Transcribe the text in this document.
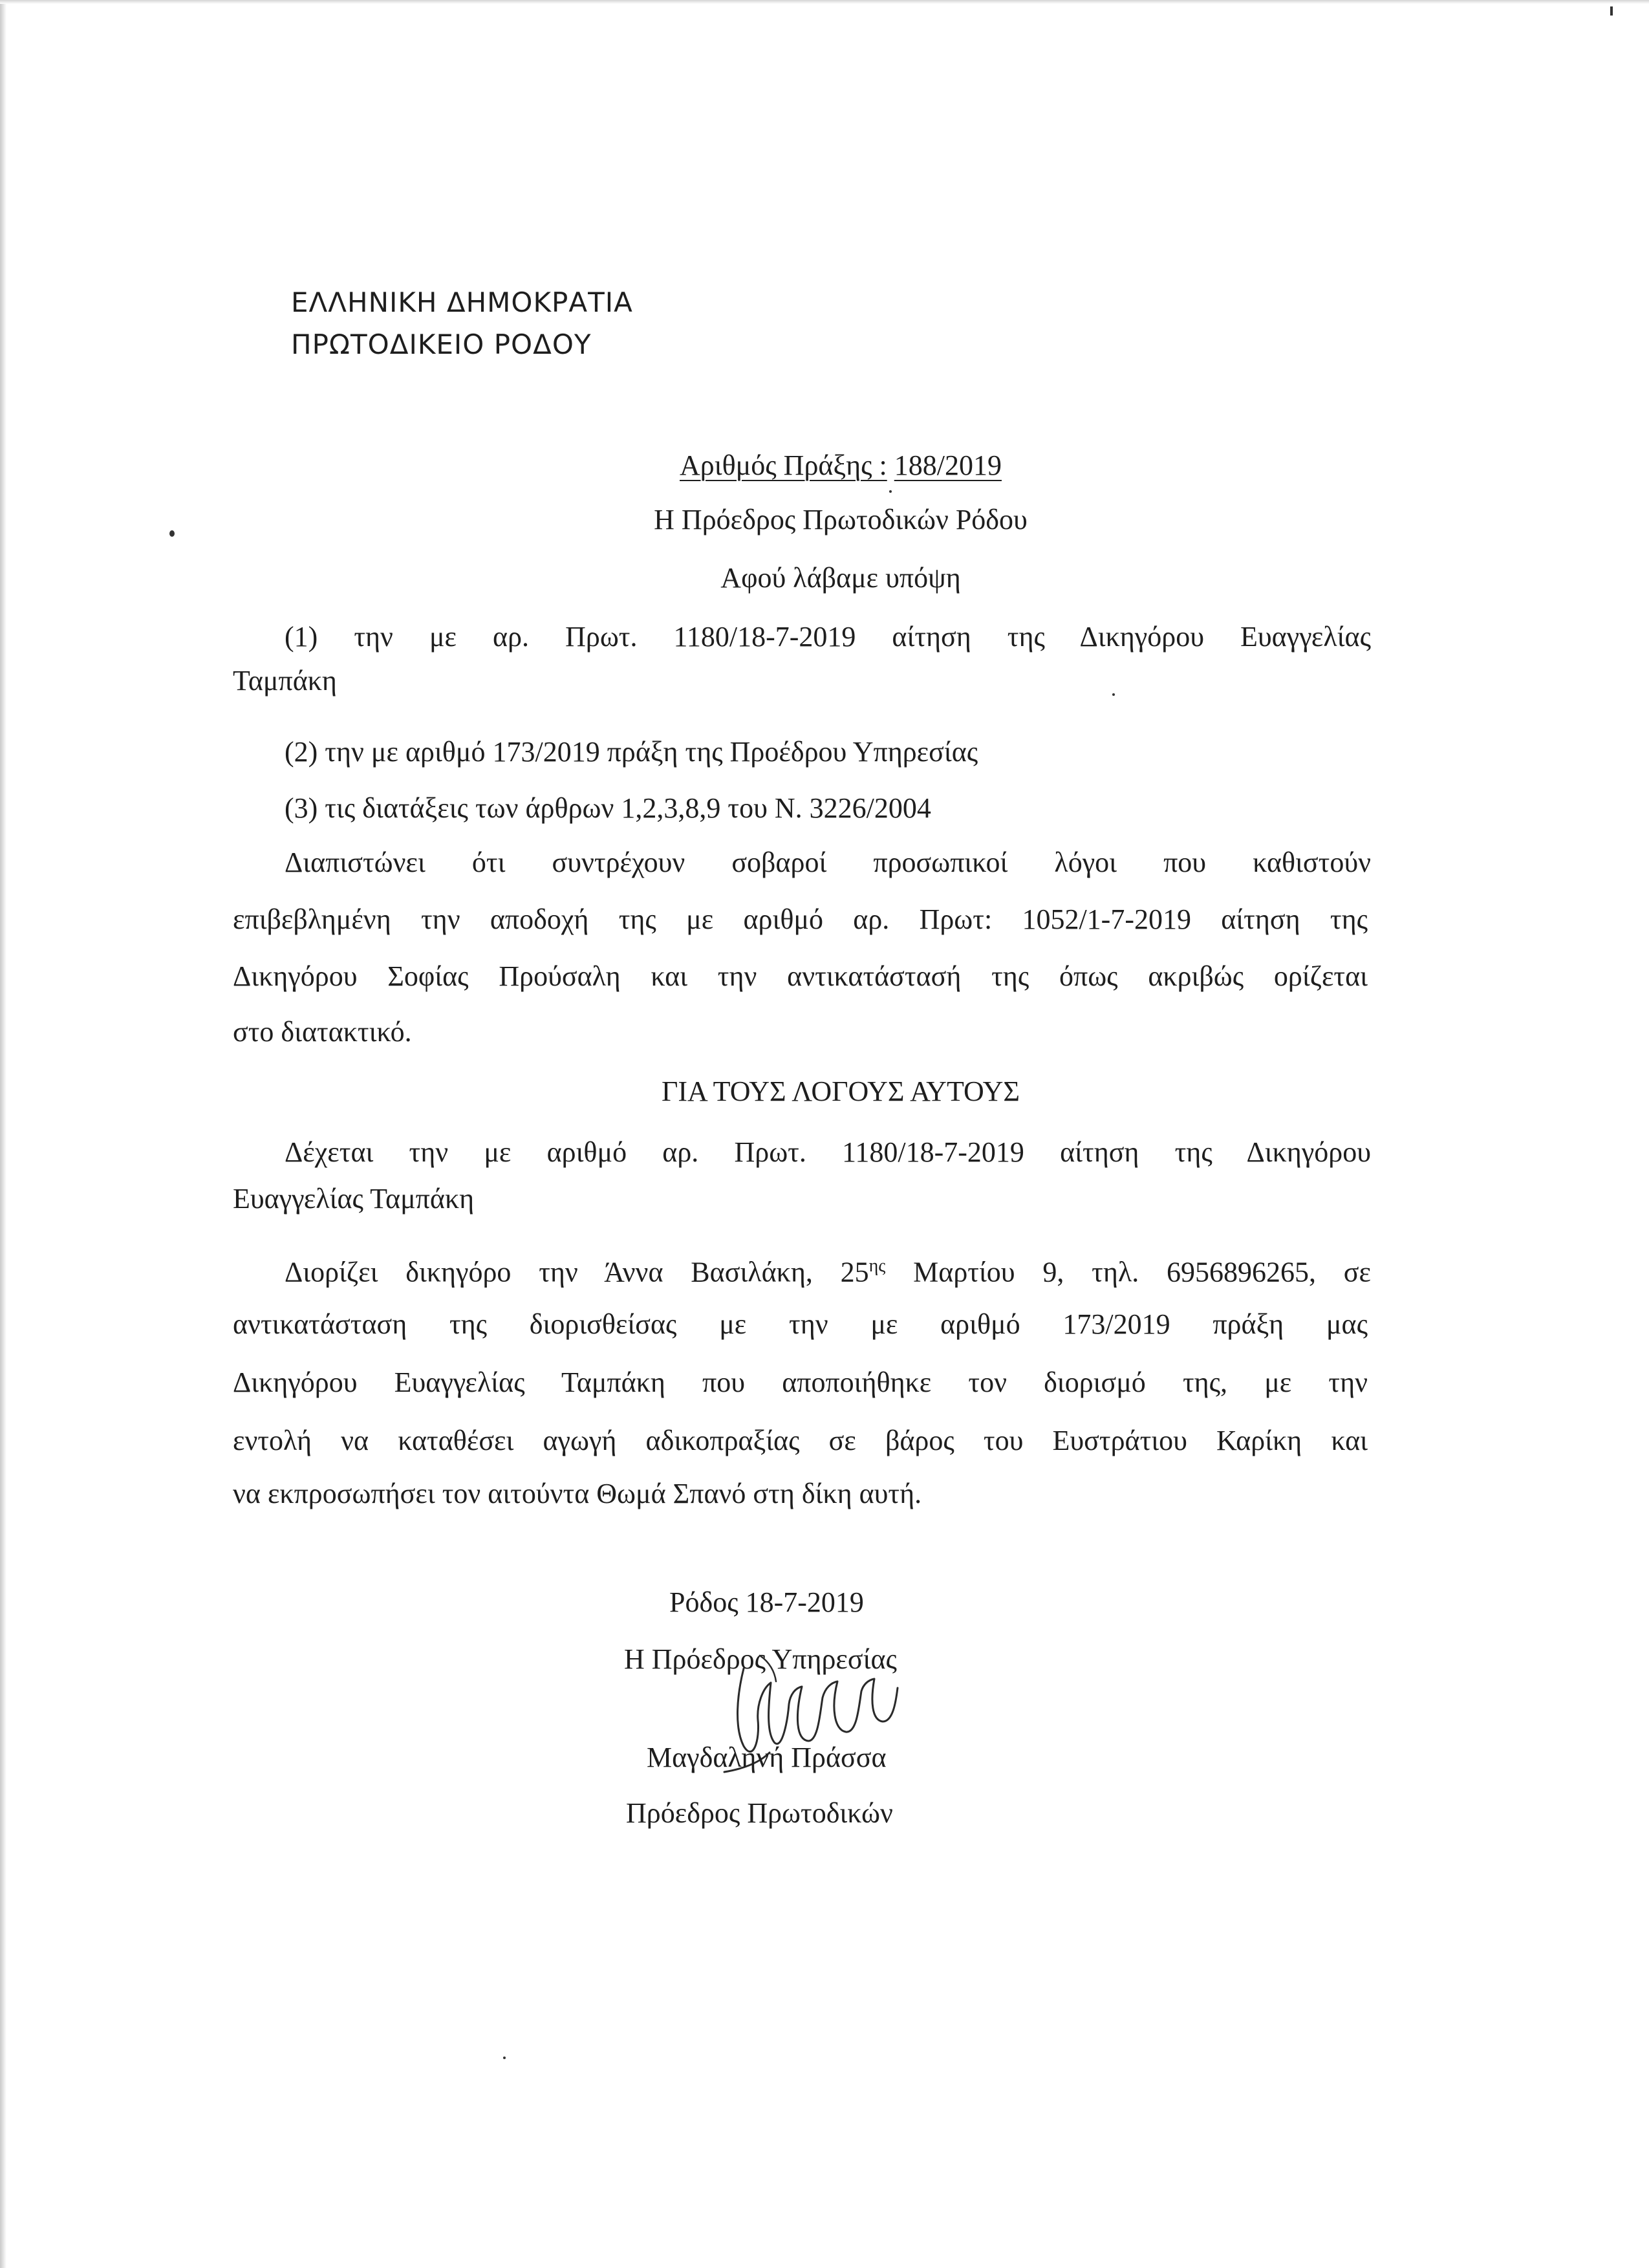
ΕΛΛΗΝΙΚΗ ΔΗΜΟΚΡΑΤΙΑ
ΠΡΩΤΟΔΙΚΕΙΟ ΡΟΔΟΥ
Αριθμός Πράξης : 188/2019
Η Πρόεδρος Πρωτοδικών Ρόδου
Αφού λάβαμε υπόψη
(1) την με αρ. Πρωτ. 1180/18-7-2019 αίτηση της Δικηγόρου Ευαγγελίας
Ταμπάκη
(2) την με αριθμό 173/2019 πράξη της Προέδρου Υπηρεσίας
(3) τις διατάξεις των άρθρων 1,2,3,8,9 του Ν. 3226/2004
Διαπιστώνει ότι συντρέχουν σοβαροί προσωπικοί λόγοι που καθιστούν
επιβεβλημένη την αποδοχή της με αριθμό αρ. Πρωτ: 1052/1-7-2019 αίτηση της
Δικηγόρου Σοφίας Προύσαλη και την αντικατάστασή της όπως ακριβώς ορίζεται
στο διατακτικό.
ΓΙΑ ΤΟΥΣ ΛΟΓΟΥΣ ΑΥΤΟΥΣ
Δέχεται την με αριθμό αρ. Πρωτ. 1180/18-7-2019 αίτηση της Δικηγόρου
Ευαγγελίας Ταμπάκη
Διορίζει δικηγόρο την Άννα Βασιλάκη, $25^{\eta\varsigma}$ Μαρτίου 9, τηλ. 6956896265, σε
αντικατάσταση της διορισθείσας με την με αριθμό 173/2019 πράξη μας
Δικηγόρου Ευαγγελίας Ταμπάκη που αποποιήθηκε τον διορισμό της, με την
εντολή να καταθέσει αγωγή αδικοπραξίας σε βάρος του Ευστράτιου Καρίκη και
να εκπροσωπήσει τον αιτούντα Θωμά Σπανό στη δίκη αυτή.
Ρόδος 18-7-2019
Η Πρόεδρος Υπηρεσίας
Μαγδαληνή Πράσσα
Πρόεδρος Πρωτοδικών
